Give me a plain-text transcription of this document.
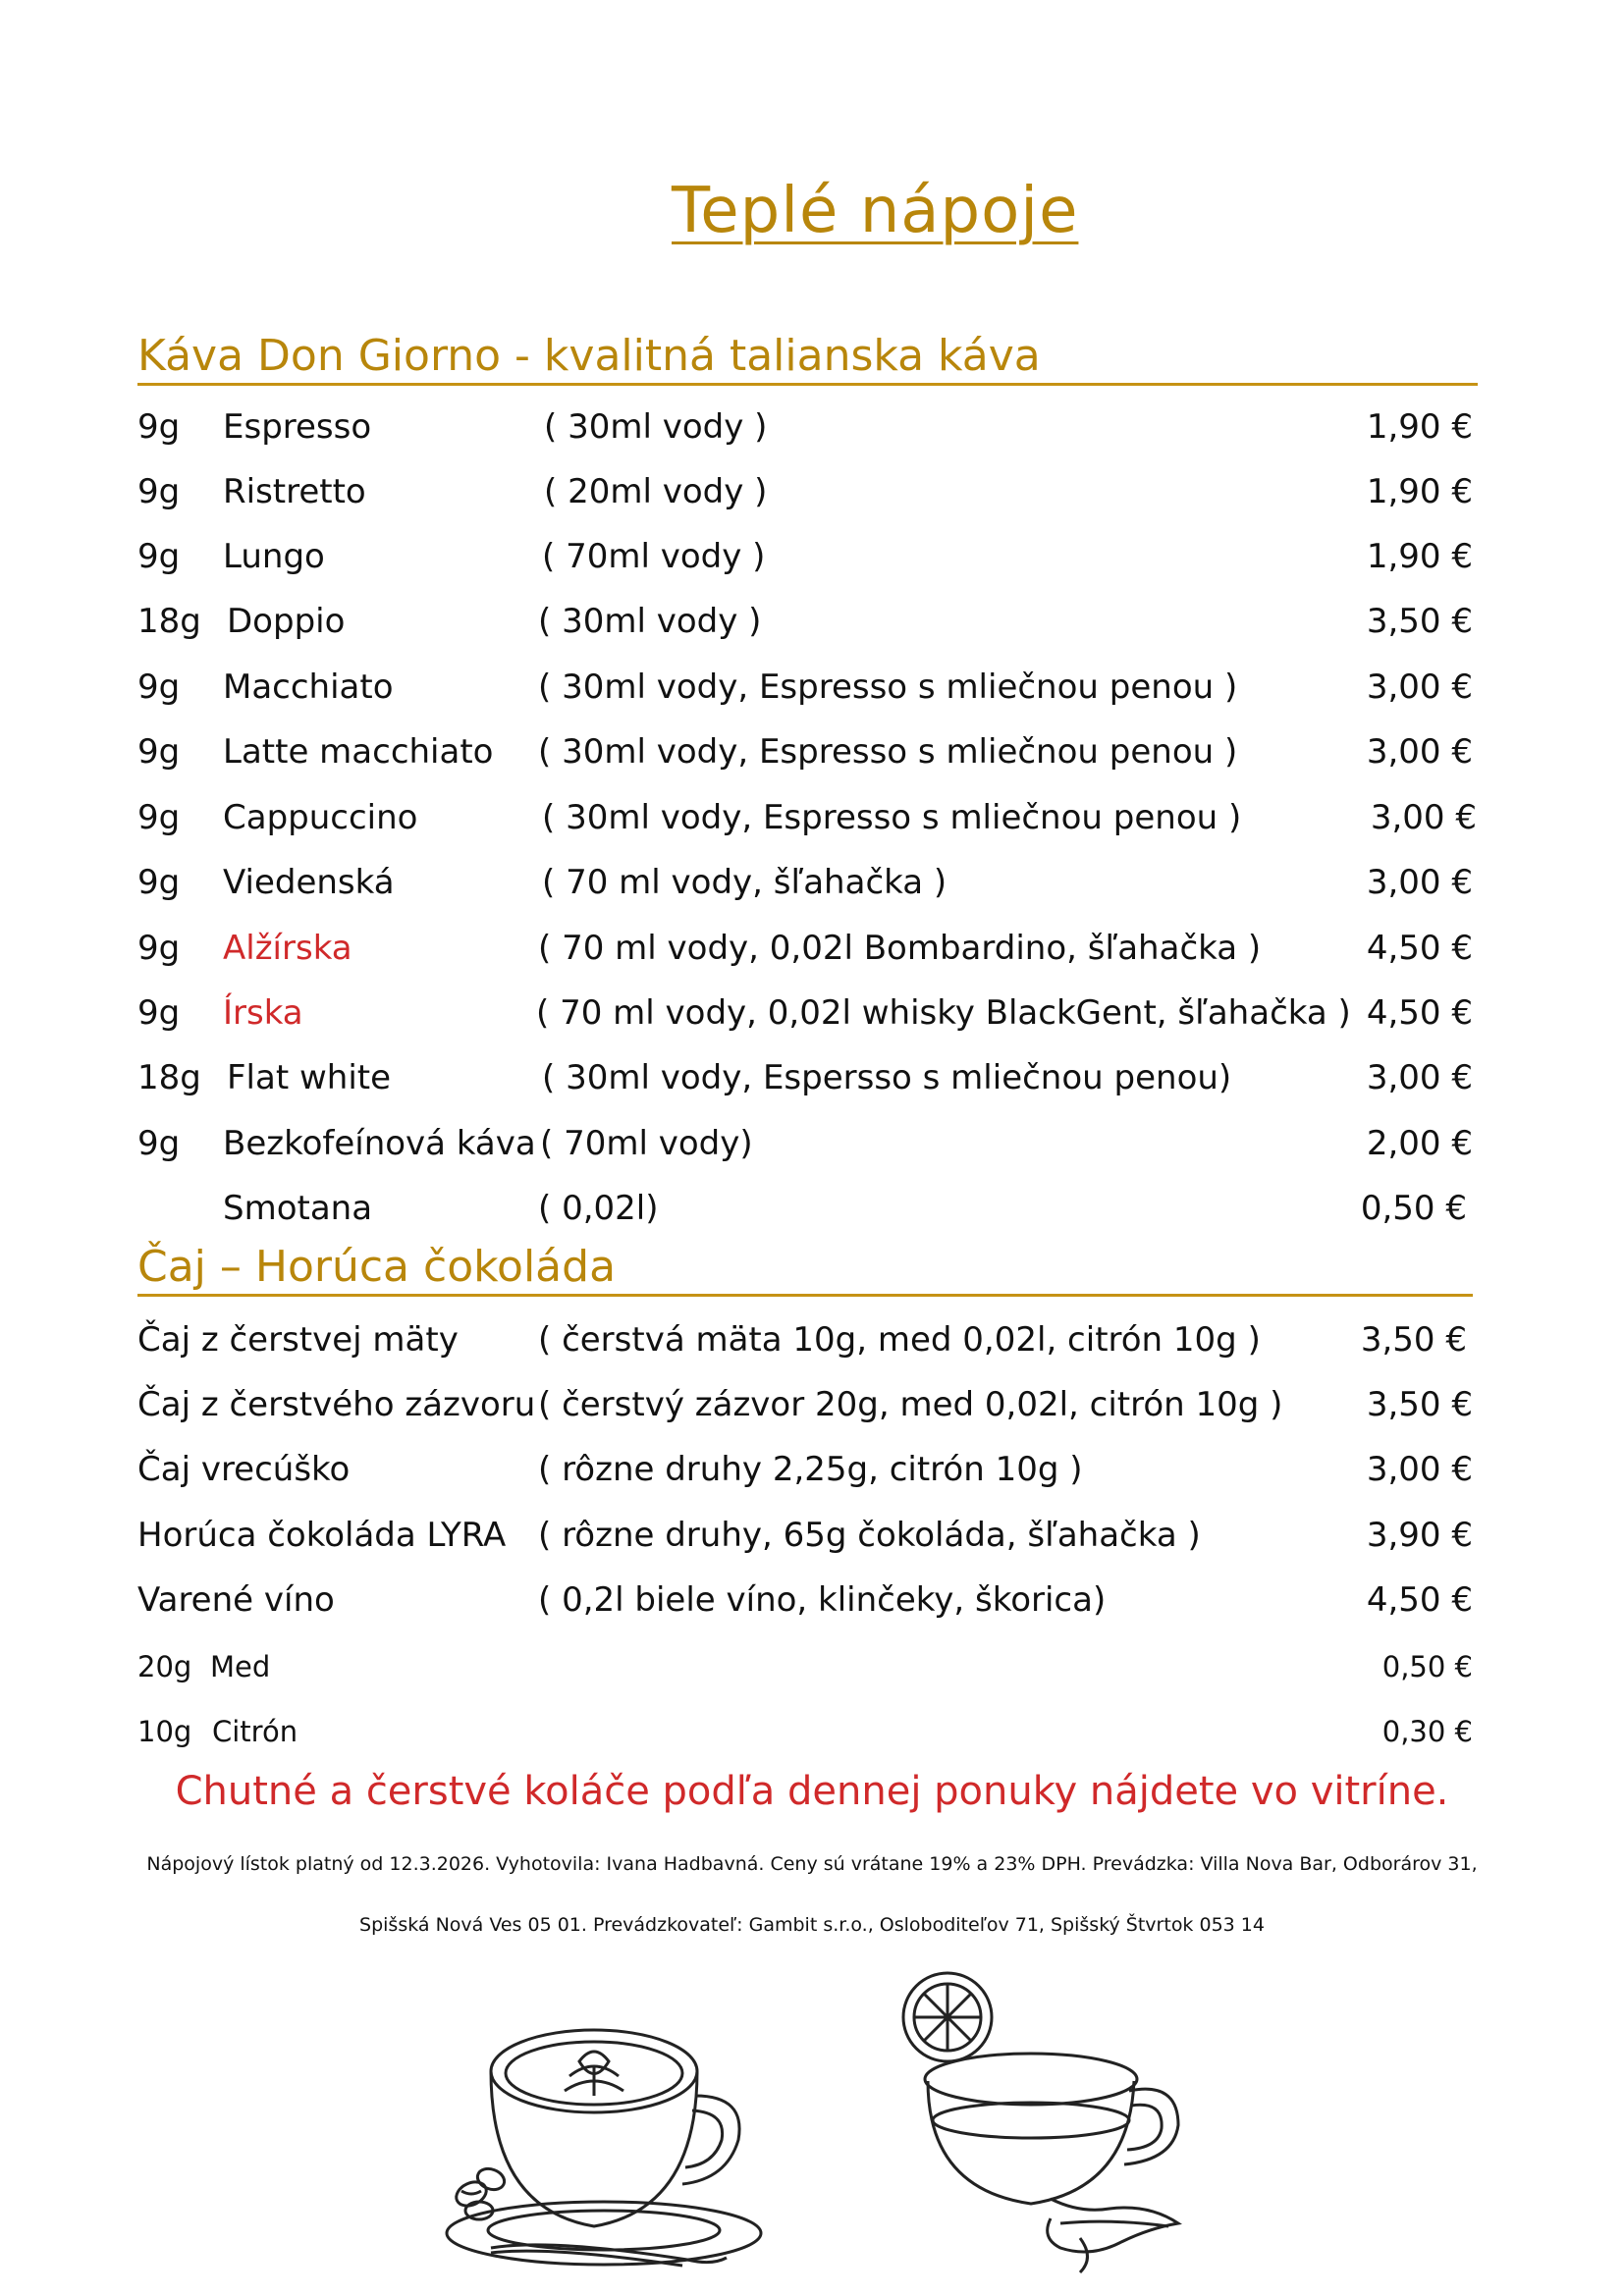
Teplé nápoje
Káva Don Giorno - kvalitná talianska káva
9g Espresso	( 30ml vody )	1,90 €
9g Ristretto	( 20ml vody )	1,90 €
9g Lungo	( 70ml vody )	1,90 €
18g Doppio	( 30ml vody )	3,50 €
9g Macchiato	( 30ml vody, Espresso s mliečnou penou )	3,00 €
9g Latte macchiato ( 30ml vody, Espresso s mliečnou penou )	3,00 €
9g Cappuccino	( 30ml vody, Espresso s mliečnou penou )	3,00 €
9g Viedenská	( 70 ml vody, šľahačka )	3,00 €
9g Alžírska	( 70 ml vody, 0,02l Bombardino, šľahačka )	4,50 €
9g Írska	( 70 ml vody, 0,02l whisky BlackGent, šľahačka ) 4,50 €
18g Flat white	( 30ml vody, Espersso s mliečnou penou)	3,00 €
9g Bezkofeínová káva ( 70ml vody)	2,00 €
Smotana	( 0,02l)	0,50 €
Čaj – Horúca čokoláda
Čaj z čerstvej mäty ( čerstvá mäta 10g, med 0,02l, citrón 10g )	3,50 €
Čaj z čerstvého zázvoru ( čerstvý zázvor 20g, med 0,02l, citrón 10g )	3,50 €
Čaj vrecúško	( rôzne druhy 2,25g, citrón 10g )	3,00 €
Horúca čokoláda LYRA ( rôzne druhy, 65g čokoláda, šľahačka )	3,90 €
Varené víno	( 0,2l biele víno, klinčeky, škorica)	4,50 €
20g Med	0,50 €
10g Citrón	0,30 €
Chutné a čerstvé koláče podľa dennej ponuky nájdete vo vitríne.
Nápojový lístok platný od 12.3.2026. Vyhotovila: Ivana Hadbavná. Ceny sú vrátane 19% a 23% DPH. Prevádzka: Villa Nova Bar, Odborárov 31,
Spišská Nová Ves 05 01. Prevádzkovateľ: Gambit s.r.o., Osloboditeľov 71, Spišský Štvrtok 053 14
